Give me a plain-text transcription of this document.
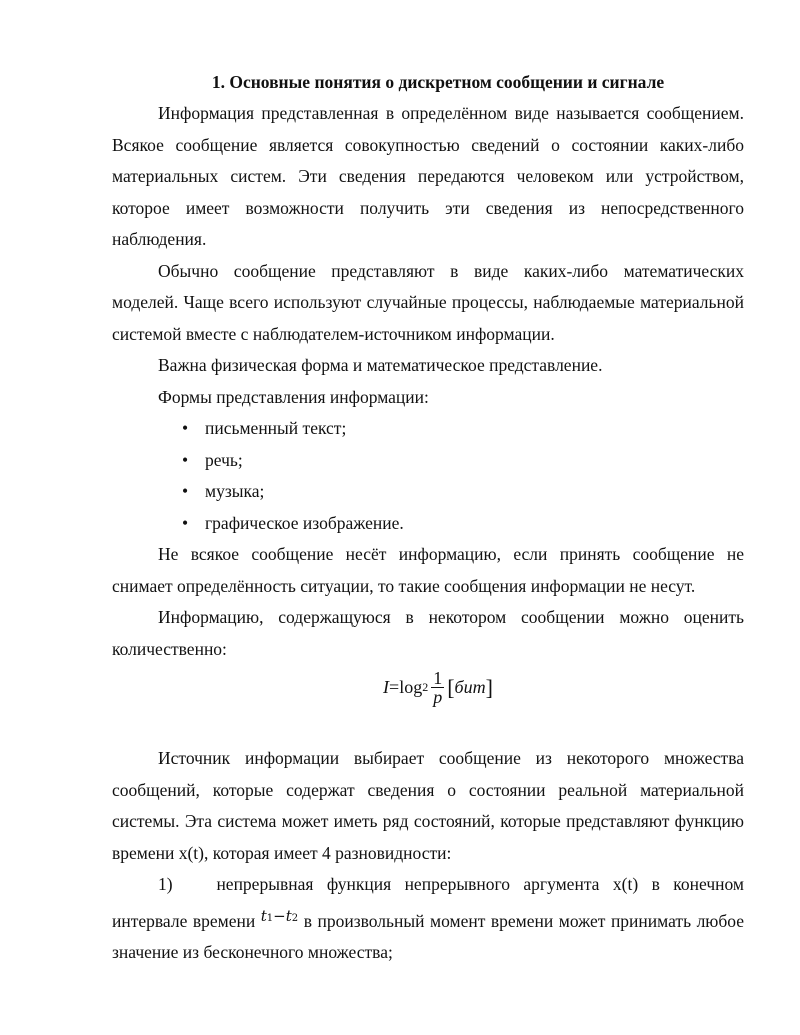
1. Основные понятия о дискретном сообщении и сигнале

Информация представленная в определённом виде называется сообщением. Всякое сообщение является совокупностью сведений о состоянии каких-либо материальных систем. Эти сведения передаются человеком или устройством, которое имеет возможности получить эти сведения из непосредственного наблюдения.

Обычно сообщение представляют в виде каких-либо математических моделей. Чаще всего используют случайные процессы, наблюдаемые материальной системой вместе с наблюдателем-источником информации.

Важна физическая форма и математическое представление.

Формы представления информации:

• письменный текст;
• речь;
• музыка;
• графическое изображение.

Не всякое сообщение несёт информацию, если принять сообщение не снимает определённость ситуации, то такие сообщения информации не несут.

Информацию, содержащуюся в некотором сообщении можно оценить количественно:

$I = \log 2 \frac{1}{p}$ [ бит ]

Источник информации выбирает сообщение из некоторого множества сообщений, которые содержат сведения о состоянии реальной материальной системы. Эта система может иметь ряд состояний, которые представляют функцию времени x(t), которая имеет 4 разновидности:

1)	непрерывная функция непрерывного аргумента x(t) в конечном интервале времени t1−t2 в произвольный момент времени может принимать любое значение из бесконечного множества;
